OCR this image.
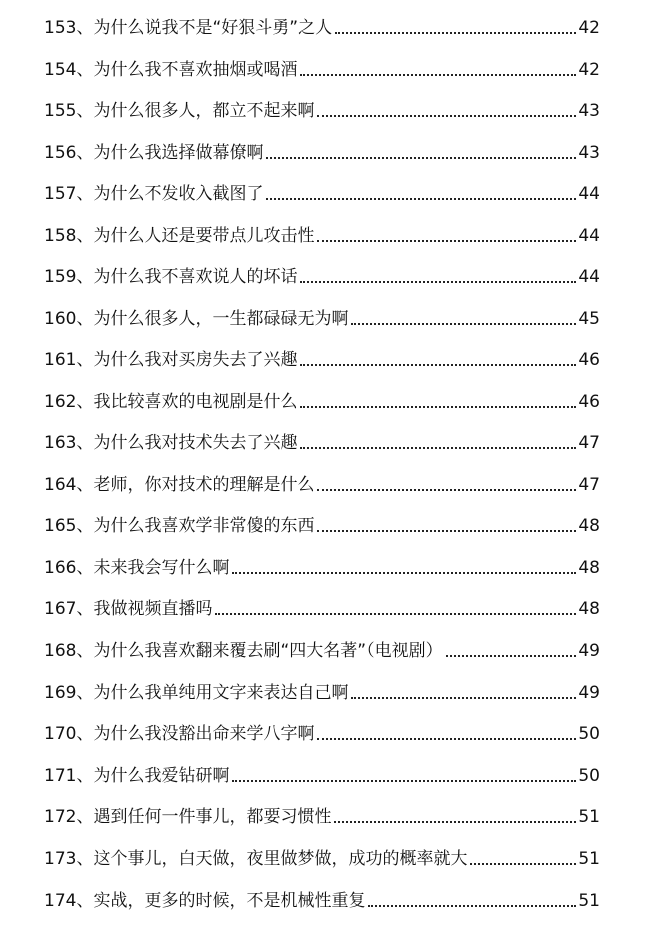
153、 为什么说我不是“好狠斗勇”之人	42
154、 为什么我不喜欢抽烟或喝酒	42
155、 为什么很多人，都立不起来啊	43
156、 为什么我选择做幕僚啊	43
157、 为什么不发收入截图了	44
158、 为什么人还是要带点儿攻击性	44
159、 为什么我不喜欢说人的坏话	44
160、 为什么很多人，一生都碌碌无为啊	45
161、 为什么我对买房失去了兴趣	46
162、 我比较喜欢的电视剧是什么	46
163、 为什么我对技术失去了兴趣	47
164、 老师，你对技术的理解是什么	47
165、 为什么我喜欢学非常傻的东西	48
166、 未来我会写什么啊	48
167、 我做视频直播吗	48
168、 为什么我喜欢翻来覆去刷“四大名著”（电视剧）	49
169、 为什么我单纯用文字来表达自己啊	49
170、 为什么我没豁出命来学八字啊	50
171、 为什么我爱钻研啊	50
172、 遇到任何一件事儿，都要习惯性	51
173、 这个事儿，白天做，夜里做梦做，成功的概率就大	51
174、 实战，更多的时候，不是机械性重复	51
